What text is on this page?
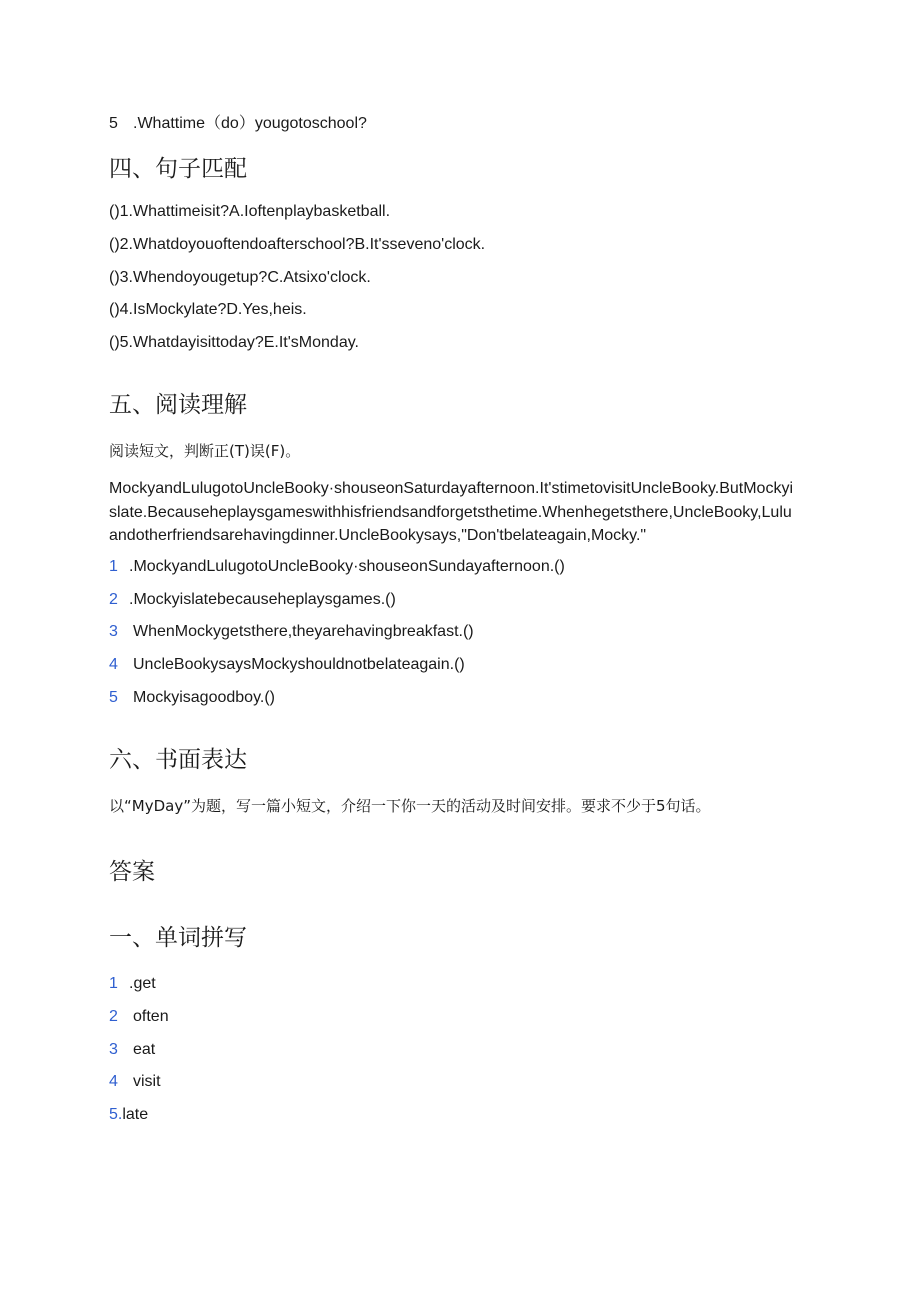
5 .Whattime（do）yougotoschool?
四、句子匹配
()1.Whattimeisit?A.Ioftenplaybasketball.
()2.Whatdoyouoftendoafterschool?B.It'sseveno'clock.
()3.Whendoyougetup?C.Atsixo'clock.
()4.IsMockylate?D.Yes,heis.
()5.Whatdayisittoday?E.It'sMonday.
五、阅读理解
阅读短文，判断正(T)误(F)。
MockyandLulugotoUncleBooky·shouseonSaturdayafternoon.It'stimetovisitUncleBooky.ButMockyislate.Becauseheplaysgameswithhisfriendsandforgetsthetime.Whenhegetsthere,UncleBooky,Luluandotherfriendsarehavingdinner.UncleBookysays,"Don'tbelateagain,Mocky."
1 .MockyandLulugotoUncleBooky·shouseonSundayafternoon.()
2 .Mockyislatebecauseheplaysgames.()
3 WhenMockygetsthere,theyarehavingbreakfast.()
4 UncleBookysaysMockyshouldnotbelateagain.()
5 Mockyisagoodboy.()
六、书面表达
以“MyDay”为题，写一篇小短文，介绍一下你一天的活动及时间安排。要求不少于5句话。
答案
一、单词拼写
1 .get
2 often
3 eat
4 visit
5.late
